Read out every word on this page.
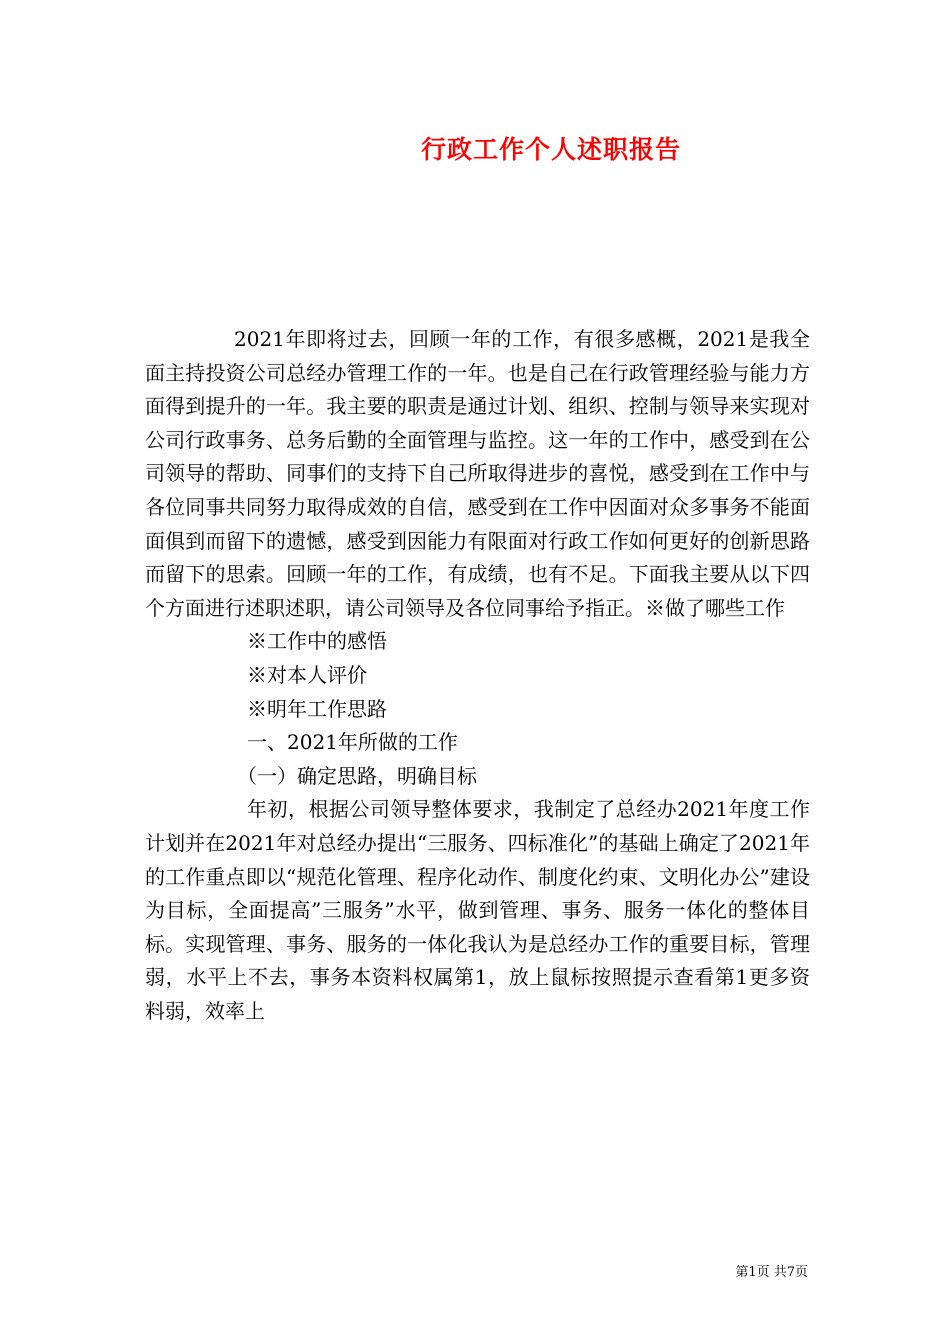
行政工作个人述职报告

2021年即将过去，回顾一年的工作，有很多感概，2021是我全面主持投资公司总经办管理工作的一年。也是自己在行政管理经验与能力方面得到提升的一年。我主要的职责是通过计划、组织、控制与领导来实现对公司行政事务、总务后勤的全面管理与监控。这一年的工作中，感受到在公司领导的帮助、同事们的支持下自己所取得进步的喜悦，感受到在工作中与各位同事共同努力取得成效的自信，感受到在工作中因面对众多事务不能面面俱到而留下的遗憾，感受到因能力有限面对行政工作如何更好的创新思路而留下的思索。回顾一年的工作，有成绩，也有不足。下面我主要从以下四个方面进行述职述职，请公司领导及各位同事给予指正。※做了哪些工作

※工作中的感悟

※对本人评价

※明年工作思路

一、2021年所做的工作

（一）确定思路，明确目标

年初，根据公司领导整体要求，我制定了总经办2021年度工作计划并在2021年对总经办提出“三服务、四标准化”的基础上确定了2021年的工作重点即以“规范化管理、程序化动作、制度化约束、文明化办公”建设为目标，全面提高”三服务”水平，做到管理、事务、服务一体化的整体目标。实现管理、事务、服务的一体化我认为是总经办工作的重要目标，管理弱，水平上不去，事务本资料权属第1，放上鼠标按照提示查看第1更多资料弱，效率上

第1页 共7页
